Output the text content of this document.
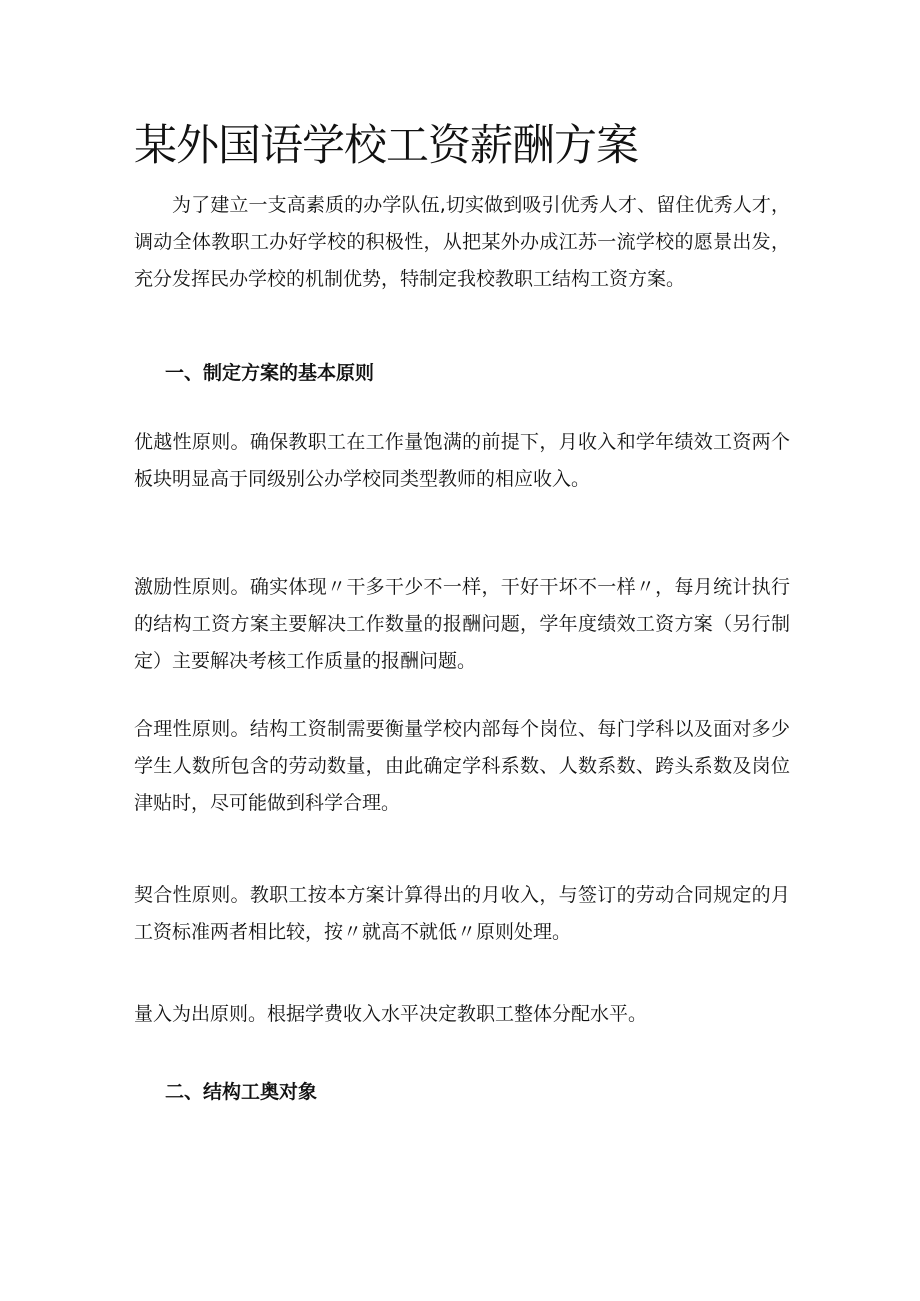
某外国语学校工资薪酬方案

为了建立一支高素质的办学队伍,切实做到吸引优秀人才、留住优秀人才，调动全体教职工办好学校的积极性，从把某外办成江苏一流学校的愿景出发，充分发挥民办学校的机制优势，特制定我校教职工结构工资方案。

一、制定方案的基本原则

优越性原则。确保教职工在工作量饱满的前提下，月收入和学年绩效工资两个板块明显高于同级别公办学校同类型教师的相应收入。

激励性原则。确实体现〃干多干少不一样，干好干坏不一样〃，每月统计执行的结构工资方案主要解决工作数量的报酬问题，学年度绩效工资方案（另行制定）主要解决考核工作质量的报酬问题。

合理性原则。结构工资制需要衡量学校内部每个岗位、每门学科以及面对多少学生人数所包含的劳动数量，由此确定学科系数、人数系数、跨头系数及岗位津贴时，尽可能做到科学合理。

契合性原则。教职工按本方案计算得出的月收入，与签订的劳动合同规定的月工资标准两者相比较，按〃就高不就低〃原则处理。

量入为出原则。根据学费收入水平决定教职工整体分配水平。

二、结构工奥对象
